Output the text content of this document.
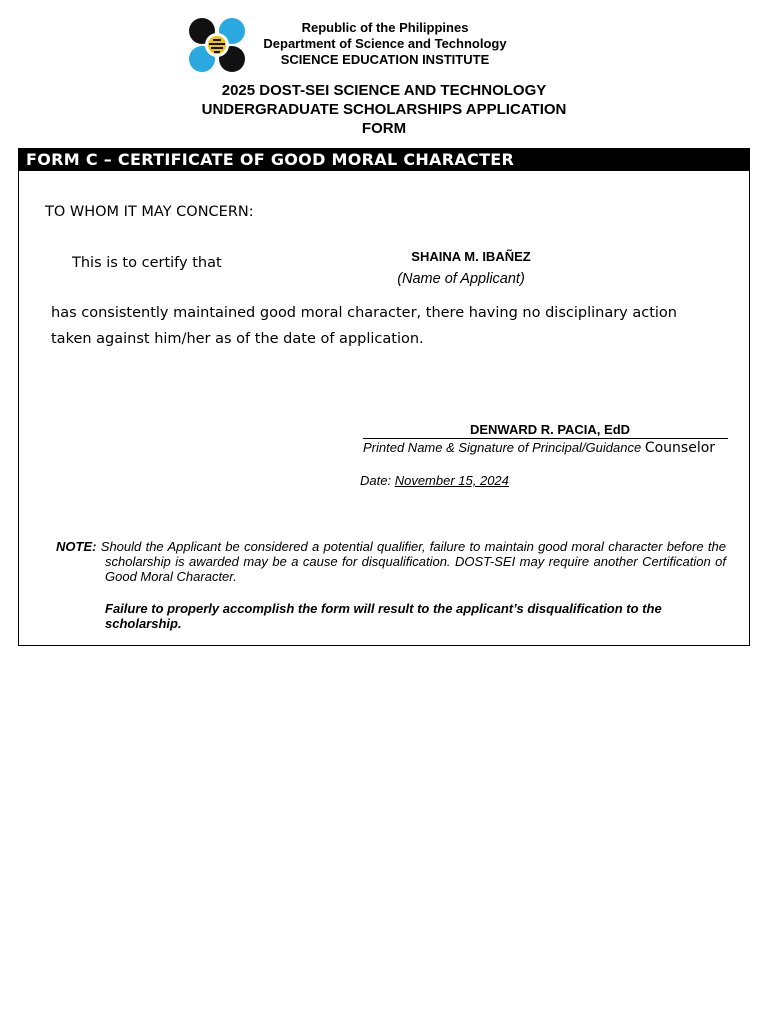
Republic of the Philippines
Department of Science and Technology
SCIENCE EDUCATION INSTITUTE
2025 DOST-SEI SCIENCE AND TECHNOLOGY
UNDERGRADUATE SCHOLARSHIPS APPLICATION
FORM
FORM C – CERTIFICATE OF GOOD MORAL CHARACTER
TO WHOM IT MAY CONCERN:
This is to certify that	SHAINA M. IBAÑEZ
(Name of Applicant)
has consistently maintained good moral character, there having no disciplinary action
taken against him/her as of the date of application.
DENWARD R. PACIA, EdD
Printed Name & Signature of Principal/Guidance Counselor
Date: November 15, 2024
NOTE: Should the Applicant be considered a potential qualifier, failure to maintain good moral character before the scholarship is awarded may be a cause for disqualification. DOST-SEI may require another Certification of Good Moral Character.
Failure to properly accomplish the form will result to the applicant’s disqualification to the scholarship.
